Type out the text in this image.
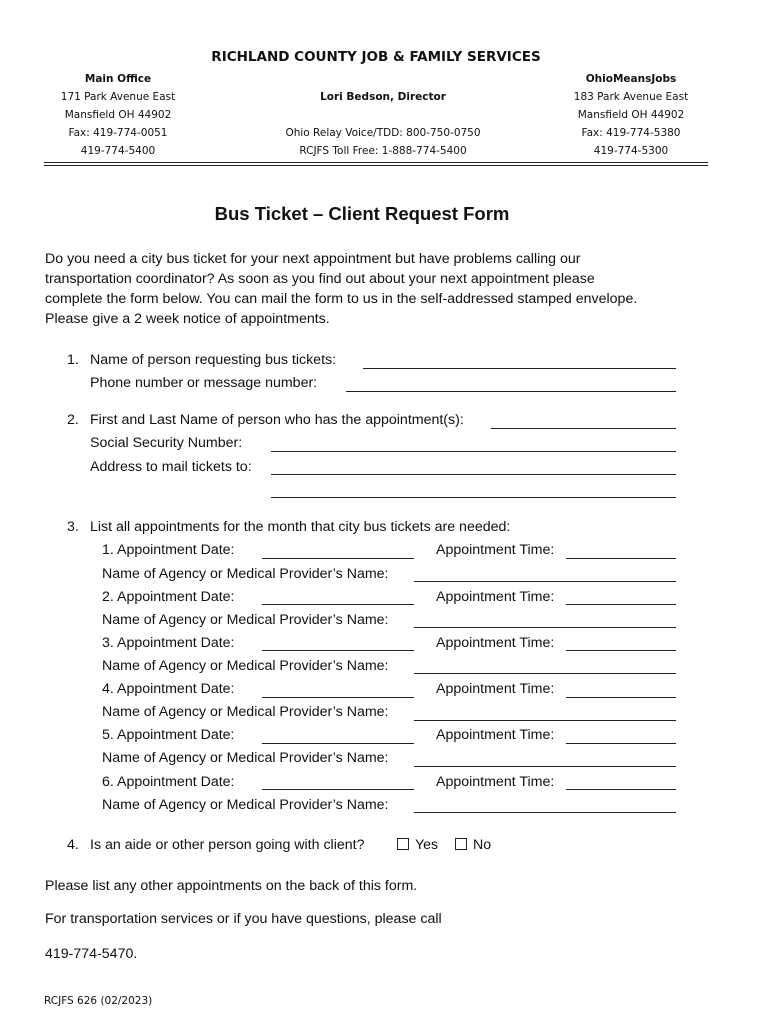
RICHLAND COUNTY JOB & FAMILY SERVICES
Main Office
171 Park Avenue East
Mansfield OH 44902
Fax: 419-774-0051
419-774-5400
Lori Bedson, Director
Ohio Relay Voice/TDD: 800-750-0750
RCJFS Toll Free: 1-888-774-5400
OhioMeansJobs
183 Park Avenue East
Mansfield OH 44902
Fax: 419-774-5380
419-774-5300
Bus Ticket – Client Request Form
Do you need a city bus ticket for your next appointment but have problems calling our
transportation coordinator? As soon as you find out about your next appointment please
complete the form below. You can mail the form to us in the self-addressed stamped envelope.
Please give a 2 week notice of appointments.
1. Name of person requesting bus tickets:
Phone number or message number:
2. First and Last Name of person who has the appointment(s):
Social Security Number:
Address to mail tickets to:
3. List all appointments for the month that city bus tickets are needed:
1. Appointment Date:	Appointment Time:
Name of Agency or Medical Provider’s Name:
2. Appointment Date:	Appointment Time:
Name of Agency or Medical Provider’s Name:
3. Appointment Date:	Appointment Time:
Name of Agency or Medical Provider’s Name:
4. Appointment Date:	Appointment Time:
Name of Agency or Medical Provider’s Name:
5. Appointment Date:	Appointment Time:
Name of Agency or Medical Provider’s Name:
6. Appointment Date:	Appointment Time:
Name of Agency or Medical Provider’s Name:
4. Is an aide or other person going with client?	Yes	No
Please list any other appointments on the back of this form.
For transportation services or if you have questions, please call
419-774-5470.
RCJFS 626 (02/2023)
